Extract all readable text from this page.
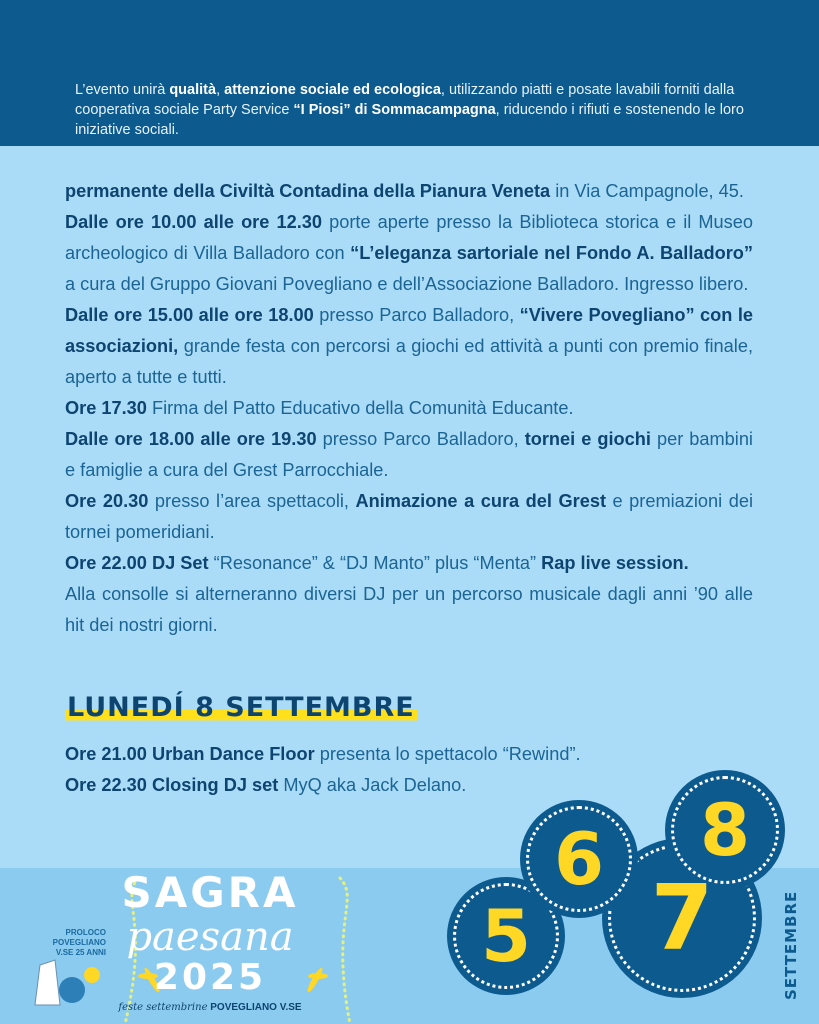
L’evento unirà qualità, attenzione sociale ed ecologica, utilizzando piatti e posate lavabili forniti dalla cooperativa sociale Party Service “I Piosi” di Sommacampagna, riducendo i rifiuti e sostenendo le loro iniziative sociali.

permanente della Civiltà Contadina della Pianura Veneta in Via Campagnole, 45.
Dalle ore 10.00 alle ore 12.30 porte aperte presso la Biblioteca storica e il Museo archeologico di Villa Balladoro con “L’eleganza sartoriale nel Fondo A. Balladoro” a cura del Gruppo Giovani Povegliano e dell’Associazione Balladoro. Ingresso libero.
Dalle ore 15.00 alle ore 18.00 presso Parco Balladoro, “Vivere Povegliano” con le associazioni, grande festa con percorsi a giochi ed attività a punti con premio finale, aperto a tutte e tutti.
Ore 17.30 Firma del Patto Educativo della Comunità Educante.
Dalle ore 18.00 alle ore 19.30 presso Parco Balladoro, tornei e giochi per bambini e famiglie a cura del Grest Parrocchiale.
Ore 20.30 presso l’area spettacoli, Animazione a cura del Grest e premiazioni dei tornei pomeridiani.
Ore 22.00 DJ Set “Resonance” & “DJ Manto” plus “Menta” Rap live session.
Alla consolle si alterneranno diversi DJ per un percorso musicale dagli anni ’90 alle hit dei nostri giorni.
LUNEDÍ 8 SETTEMBRE
Ore 21.00 Urban Dance Floor presenta lo spettacolo “Rewind”.
Ore 22.30 Closing DJ set MyQ aka Jack Delano.
PROLOCO POVEGLIANO V.SE 25 ANNI
SAGRA
paesana
2025
feste settembrine POVEGLIANO V.SE
7
5
6 8
SETTEMBRE
